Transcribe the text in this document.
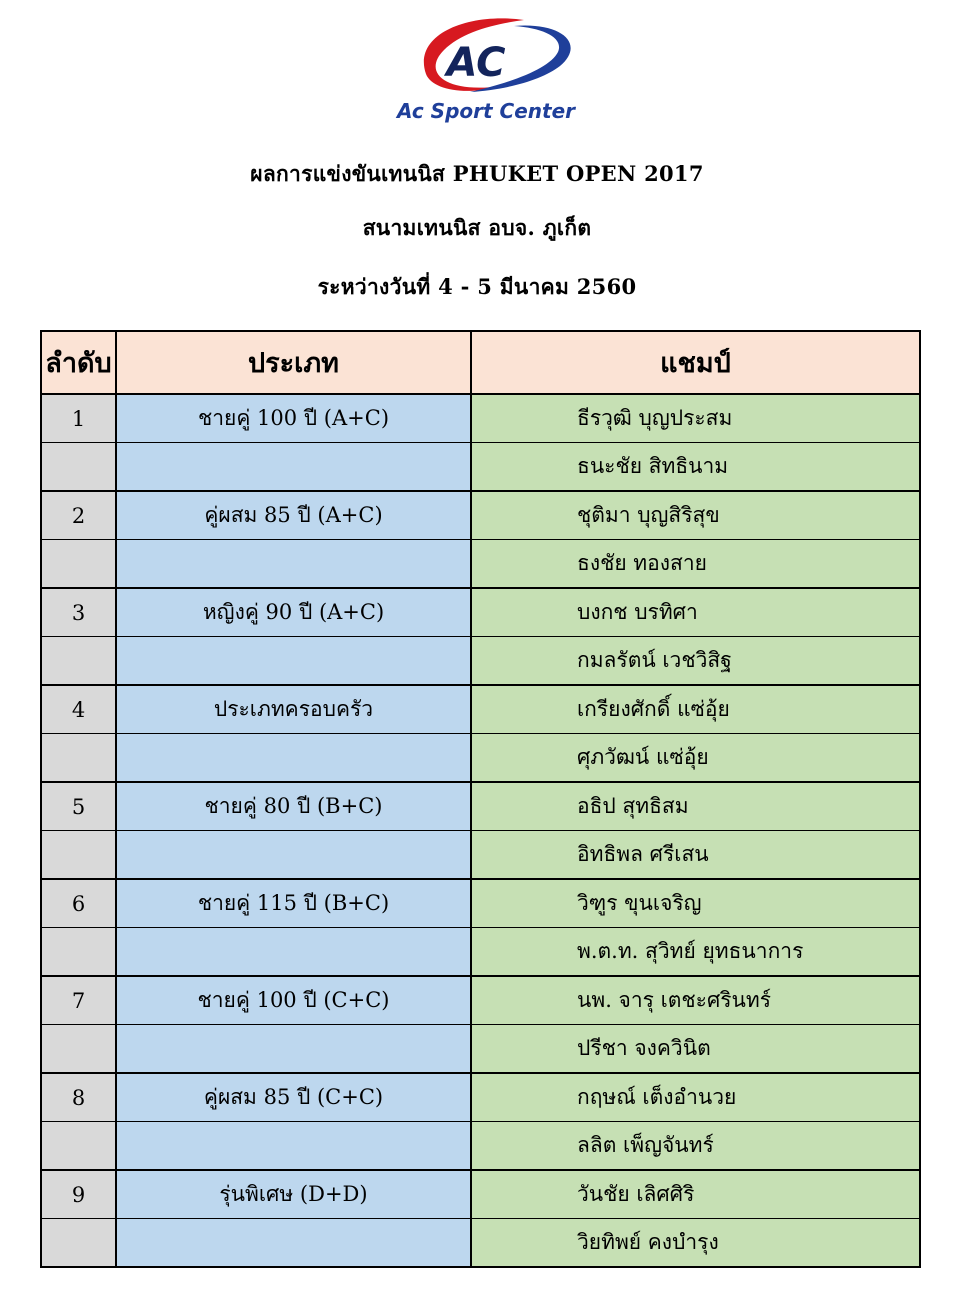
AC
Ac Sport Center
ผลการแข่งขันเทนนิส PHUKET OPEN 2017
สนามเทนนิส อบจ. ภูเก็ต
ระหว่างวันที่ 4 - 5 มีนาคม 2560
ลำดับ	ประเภท	แชมป์
1	ชายคู่ 100 ปี (A+C)	ธีรวุฒิ บุญประสม
		ธนะชัย สิทธินาม
2	คู่ผสม 85 ปี (A+C)	ชุติมา บุญสิริสุข
		ธงชัย ทองสาย
3	หญิงคู่ 90 ปี (A+C)	บงกช บรทิศา
		กมลรัตน์ เวชวิสิฐ
4	ประเภทครอบครัว	เกรียงศักดิ์ แซ่อุ้ย
		ศุภวัฒน์ แซ่อุ้ย
5	ชายคู่ 80 ปี (B+C)	อธิป สุทธิสม
		อิทธิพล ศรีเสน
6	ชายคู่ 115 ปี (B+C)	วิฑูร ขุนเจริญ
		พ.ต.ท. สุวิทย์ ยุทธนาการ
7	ชายคู่ 100 ปี (C+C)	นพ. จารุ เตชะศรินทร์
		ปรีชา จงควินิต
8	คู่ผสม 85 ปี (C+C)	กฤษณ์ เต็งอำนวย
		ลลิต เพ็ญจันทร์
9	รุ่นพิเศษ (D+D)	วันชัย เลิศศิริ
		วิยทิพย์ คงบำรุง
